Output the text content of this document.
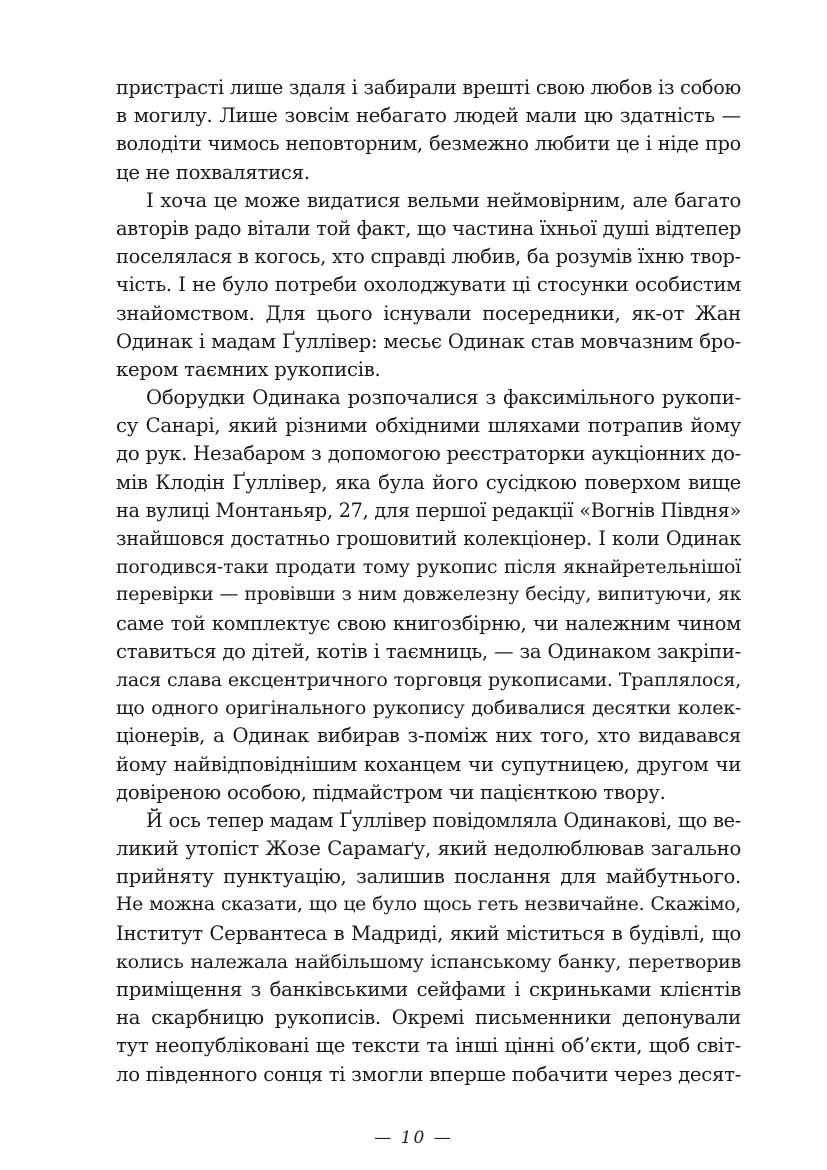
пристрасті лише здаля і забирали врешті свою любов із собою
в могилу. Лише зовсім небагато людей мали цю здатність —
володіти чимось неповторним, безмежно любити це і ніде про
це не похвалятися.
І хоча це може видатися вельми неймовірним, але багато
авторів радо вітали той факт, що частина їхньої душі відтепер
поселялася в когось, хто справді любив, ба розумів їхню твор-
чість. І не було потреби охолоджувати ці стосунки особистим
знайомством. Для цього існували посередники, як-от Жан
Одинак і мадам Ґуллівер: месьє Одинак став мовчазним бро-
кером таємних рукописів.
Оборудки Одинака розпочалися з факсимільного рукопи-
су Санарі, який різними обхідними шляхами потрапив йому
до рук. Незабаром з допомогою реєстраторки аукціонних до-
мів Клодін Ґуллівер, яка була його сусідкою поверхом вище
на вулиці Монтаньяр, 27, для першої редакції «Вогнів Півдня»
знайшовся достатньо грошовитий колекціонер. І коли Одинак
погодився-таки продати тому рукопис після якнайретельнішої
перевірки — провівши з ним довжелезну бесіду, випитуючи, як
саме той комплектує свою книгозбірню, чи належним чином
ставиться до дітей, котів і таємниць, — за Одинаком закріпи-
лася слава ексцентричного торговця рукописами. Траплялося,
що одного оригінального рукопису добивалися десятки колек-
ціонерів, а Одинак вибирав з-поміж них того, хто видавався
йому найвідповіднішим коханцем чи супутницею, другом чи
довіреною особою, підмайстром чи пацієнткою твору.
Й ось тепер мадам Ґуллівер повідомляла Одинакові, що ве-
ликий утопіст Жозе Сарамаґу, який недолюблював загально
прийняту пунктуацію, залишив послання для майбутнього.
Не можна сказати, що це було щось геть незвичайне. Скажімо,
Інститут Сервантеса в Мадриді, який міститься в будівлі, що
колись належала найбільшому іспанському банку, перетворив
приміщення з банківськими сейфами і скриньками клієнтів
на скарбницю рукописів. Окремі письменники депонували
тут неопубліковані ще тексти та інші цінні об’єкти, щоб світ-
ло південного сонця ті змогли вперше побачити через десят-
— 10 —
